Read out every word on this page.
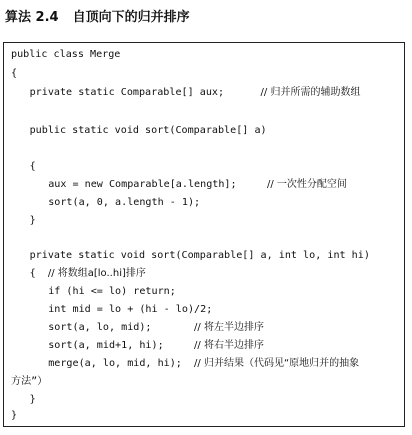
算法 2.4 自顶向下的归并排序
public class Merge
{
private static Comparable[] aux;      // 归并所需的辅助数组
public static void sort(Comparable[] a)
{
aux = new Comparable[a.length];     // 一次性分配空间
sort(a, 0, a.length - 1);
}
private static void sort(Comparable[] a, int lo, int hi)
{  // 将数组a[lo..hi]排序
if (hi <= lo) return;
int mid = lo + (hi - lo)/2;
sort(a, lo, mid);       // 将左半边排序
sort(a, mid+1, hi);     // 将右半边排序
merge(a, lo, mid, hi);  // 归并结果（代码见“原地归并的抽象
方法”）
}
}
